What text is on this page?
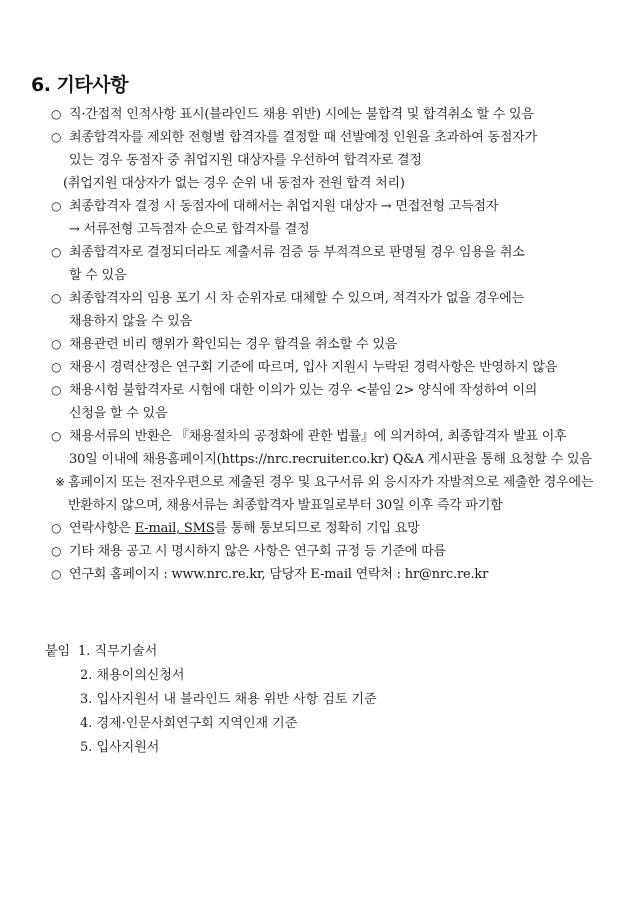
6. 기타사항
○ 직·간접적 인적사항 표시(블라인드 채용 위반) 시에는 불합격 및 합격취소 할 수 있음
○ 최종합격자를 제외한 전형별 합격자를 결정할 때 선발예정 인원을 초과하여 동점자가
있는 경우 동점자 중 취업지원 대상자를 우선하여 합격자로 결정
(취업지원 대상자가 없는 경우 순위 내 동점자 전원 합격 처리)
○ 최종합격자 결정 시 동점자에 대해서는 취업지원 대상자 → 면접전형 고득점자
→ 서류전형 고득점자 순으로 합격자를 결정
○ 최종합격자로 결정되더라도 제출서류 검증 등 부적격으로 판명될 경우 임용을 취소
할 수 있음
○ 최종합격자의 임용 포기 시 차 순위자로 대체할 수 있으며, 적격자가 없을 경우에는
채용하지 않을 수 있음
○ 채용관련 비리 행위가 확인되는 경우 합격을 취소할 수 있음
○ 채용시 경력산정은 연구회 기준에 따르며, 입사 지원시 누락된 경력사항은 반영하지 않음
○ 채용시험 불합격자로 시험에 대한 이의가 있는 경우 <붙임 2> 양식에 작성하여 이의
신청을 할 수 있음
○ 채용서류의 반환은 『채용절차의 공정화에 관한 법률』에 의거하여, 최종합격자 발표 이후
30일 이내에 채용홈페이지(https://nrc.recruiter.co.kr) Q&A 게시판을 통해 요청할 수 있음
※ 홈페이지 또는 전자우편으로 제출된 경우 및 요구서류 외 응시자가 자발적으로 제출한 경우에는
반환하지 않으며, 채용서류는 최종합격자 발표일로부터 30일 이후 즉각 파기함
○ 연락사항은 E-mail, SMS를 통해 통보되므로 정확히 기입 요망
○ 기타 채용 공고 시 명시하지 않은 사항은 연구회 규정 등 기준에 따름
○ 연구회 홈페이지 : www.nrc.re.kr, 담당자 E-mail 연락처 : hr@nrc.re.kr
붙임 1. 직무기술서
2. 채용이의신청서
3. 입사지원서 내 블라인드 채용 위반 사항 검토 기준
4. 경제·인문사회연구회 지역인재 기준
5. 입사지원서
